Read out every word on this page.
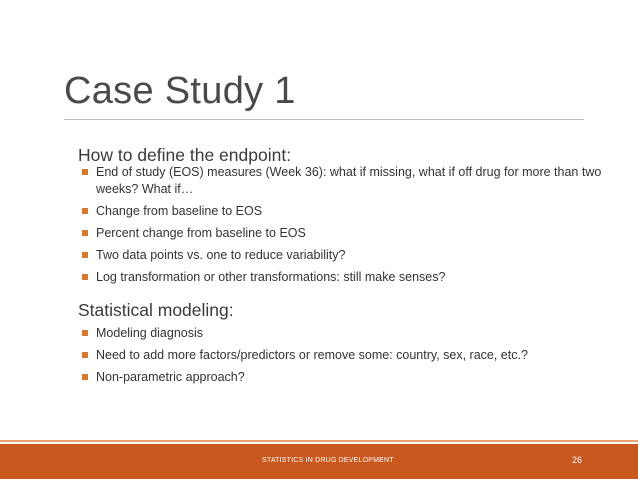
Case Study 1
How to define the endpoint:
End of study (EOS) measures (Week 36): what if missing, what if off drug for more than two weeks? What if…
Change from baseline to EOS
Percent change from baseline to EOS
Two data points vs. one to reduce variability?
Log transformation or other transformations: still make senses?
Statistical modeling:
Modeling diagnosis
Need to add more factors/predictors or remove some: country, sex, race, etc.?
Non-parametric approach?
STATISTICS IN DRUG DEVELOPMENT	26
